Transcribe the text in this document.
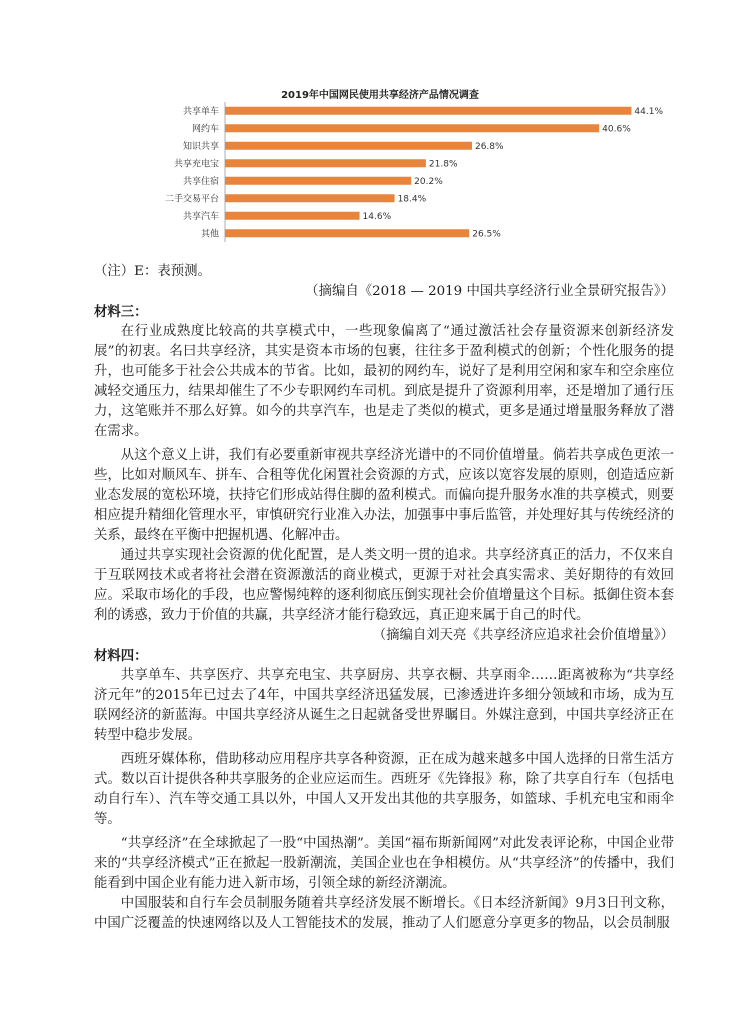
2019年中国网民使用共享经济产品情况调查
共享单车	44.1%
网约车	40.6%
知识共享	26.8%
共享充电宝	21.8%
共享住宿	20.2%
二手交易平台	18.4%
共享汽车	14.6%
其他	26.5%

（注）E：表预测。

（摘编自《2018 — 2019 中国共享经济行业全景研究报告》）

材料三：

在行业成熟度比较高的共享模式中，一些现象偏离了“通过激活社会存量资源来创新经济发展”的初衷。名曰共享经济，其实是资本市场的包裹，往往多于盈利模式的创新；个性化服务的提升，也可能多于社会公共成本的节省。比如，最初的网约车，说好了是利用空闲和家车和空余座位减轻交通压力，结果却催生了不少专职网约车司机。到底是提升了资源利用率，还是增加了通行压力，这笔账并不那么好算。如今的共享汽车，也是走了类似的模式，更多是通过增量服务释放了潜在需求。

从这个意义上讲，我们有必要重新审视共享经济光谱中的不同价值增量。倘若共享成色更浓一些，比如对顺风车、拼车、合租等优化闲置社会资源的方式，应该以宽容发展的原则，创造适应新业态发展的宽松环境，扶持它们形成站得住脚的盈利模式。而偏向提升服务水准的共享模式，则要相应提升精细化管理水平，审慎研究行业准入办法，加强事中事后监管，并处理好其与传统经济的关系，最终在平衡中把握机遇、化解冲击。

通过共享实现社会资源的优化配置，是人类文明一贯的追求。共享经济真正的活力，不仅来自于互联网技术或者将社会潜在资源激活的商业模式，更源于对社会真实需求、美好期待的有效回应。采取市场化的手段，也应警惕纯粹的逐利彻底压倒实现社会价值增量这个目标。抵御住资本套利的诱惑，致力于价值的共赢，共享经济才能行稳致远，真正迎来属于自己的时代。

（摘编自刘天亮《共享经济应追求社会价值增量》）

材料四：

共享单车、共享医疗、共享充电宝、共享厨房、共享衣橱、共享雨伞……距离被称为“共享经济元年”的2015年已过去了4年，中国共享经济迅猛发展，已渗透进许多细分领域和市场，成为互联网经济的新蓝海。中国共享经济从诞生之日起就备受世界瞩目。外媒注意到，中国共享经济正在转型中稳步发展。

西班牙媒体称，借助移动应用程序共享各种资源，正在成为越来越多中国人选择的日常生活方式。数以百计提供各种共享服务的企业应运而生。西班牙《先锋报》称，除了共享自行车（包括电动自行车）、汽车等交通工具以外，中国人又开发出其他的共享服务，如篮球、手机充电宝和雨伞等。

“共享经济”在全球掀起了一股“中国热潮”。美国“福布斯新闻网”对此发表评论称，中国企业带来的“共享经济模式”正在掀起一股新潮流，美国企业也在争相模仿。从“共享经济”的传播中，我们能看到中国企业有能力进入新市场，引领全球的新经济潮流。

中国服装和自行车会员制服务随着共享经济发展不断增长。《日本经济新闻》9月3日刊文称，中国广泛覆盖的快速网络以及人工智能技术的发展，推动了人们愿意分享更多的物品，以会员制服
